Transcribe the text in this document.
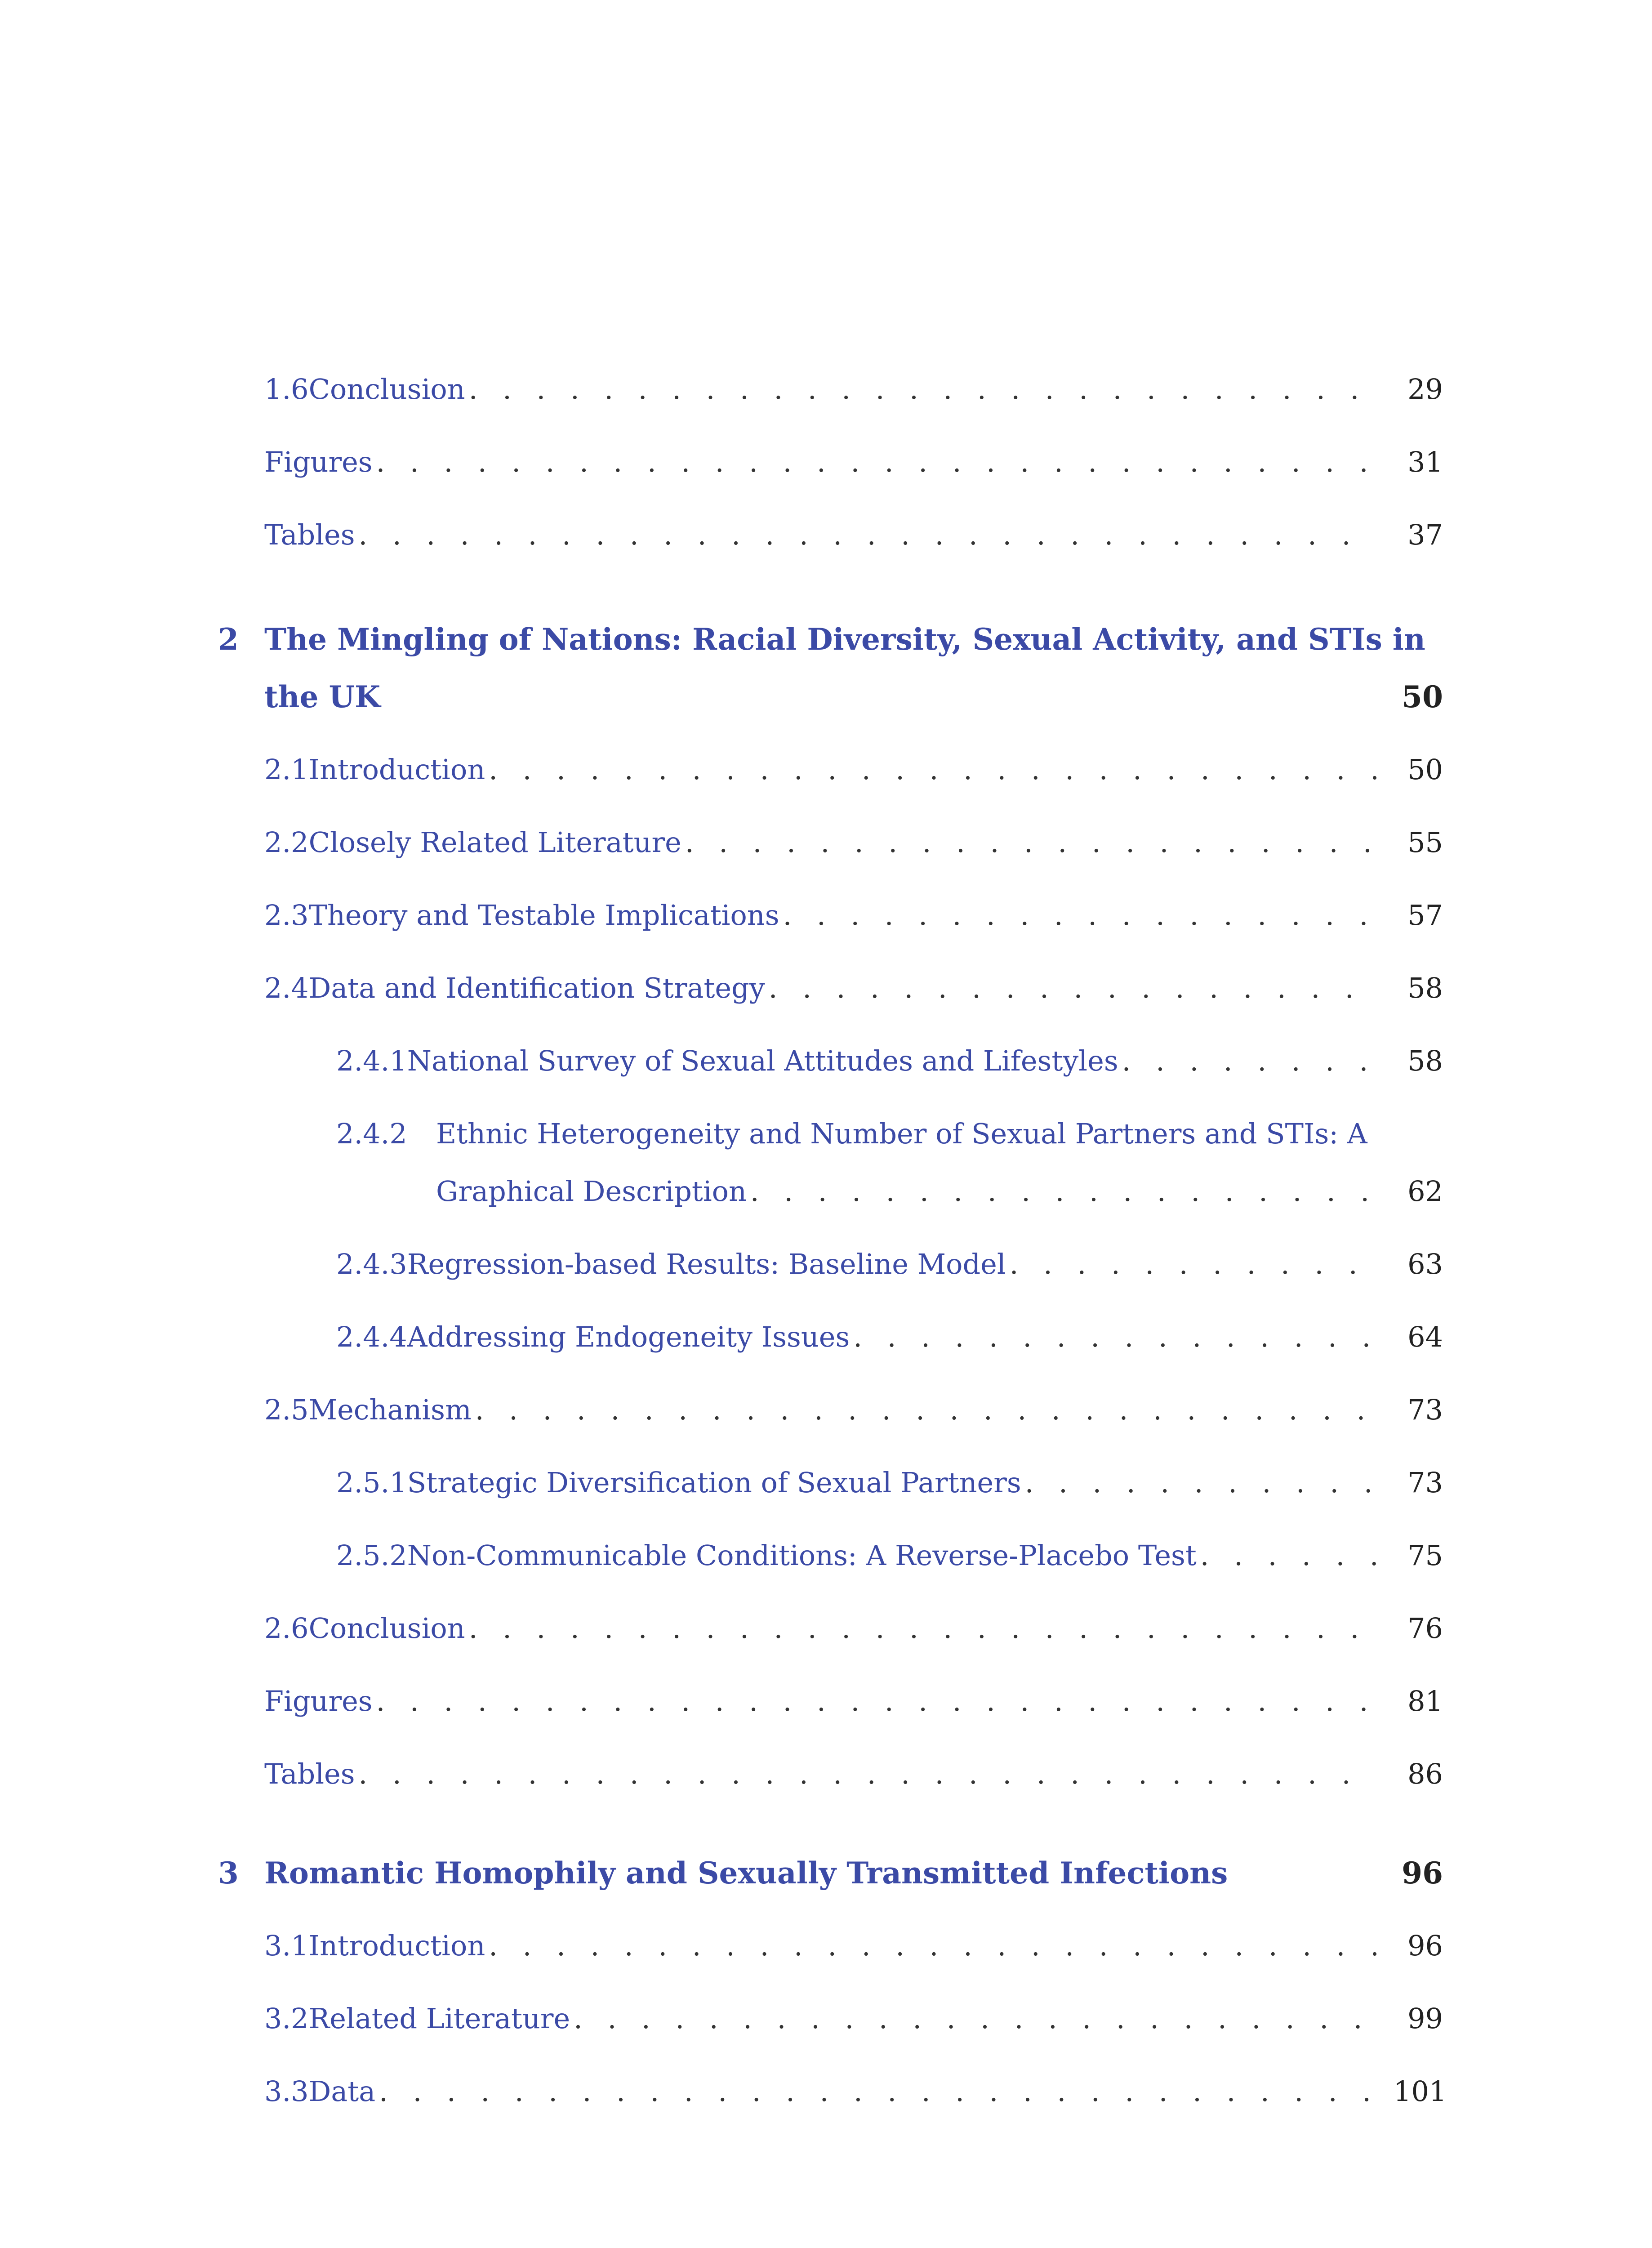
1.6 Conclusion . . .	29
Figures . . .	31
Tables . . .	37
2 The Mingling of Nations: Racial Diversity, Sexual Activity, and STIs in
the UK	50
2.1 Introduction . . .	50
2.2 Closely Related Literature . . .	55
2.3 Theory and Testable Implications . . .	57
2.4 Data and Identification Strategy . . .	58
2.4.1 National Survey of Sexual Attitudes and Lifestyles . . .	58
2.4.2	Ethnic Heterogeneity and Number of Sexual Partners and STIs: A
Graphical Description . . .	62
2.4.3 Regression-based Results: Baseline Model . . .	63
2.4.4 Addressing Endogeneity Issues . . .	64
2.5 Mechanism . . .	73
2.5.1 Strategic Diversification of Sexual Partners . . .	73
2.5.2 Non-Communicable Conditions: A Reverse-Placebo Test . . .	75
2.6 Conclusion . . .	76
Figures . . .	81
Tables . . .	86
3 Romantic Homophily and Sexually Transmitted Infections	96
3.1 Introduction . . .	96
3.2 Related Literature . . .	99
3.3 Data . . .	101
